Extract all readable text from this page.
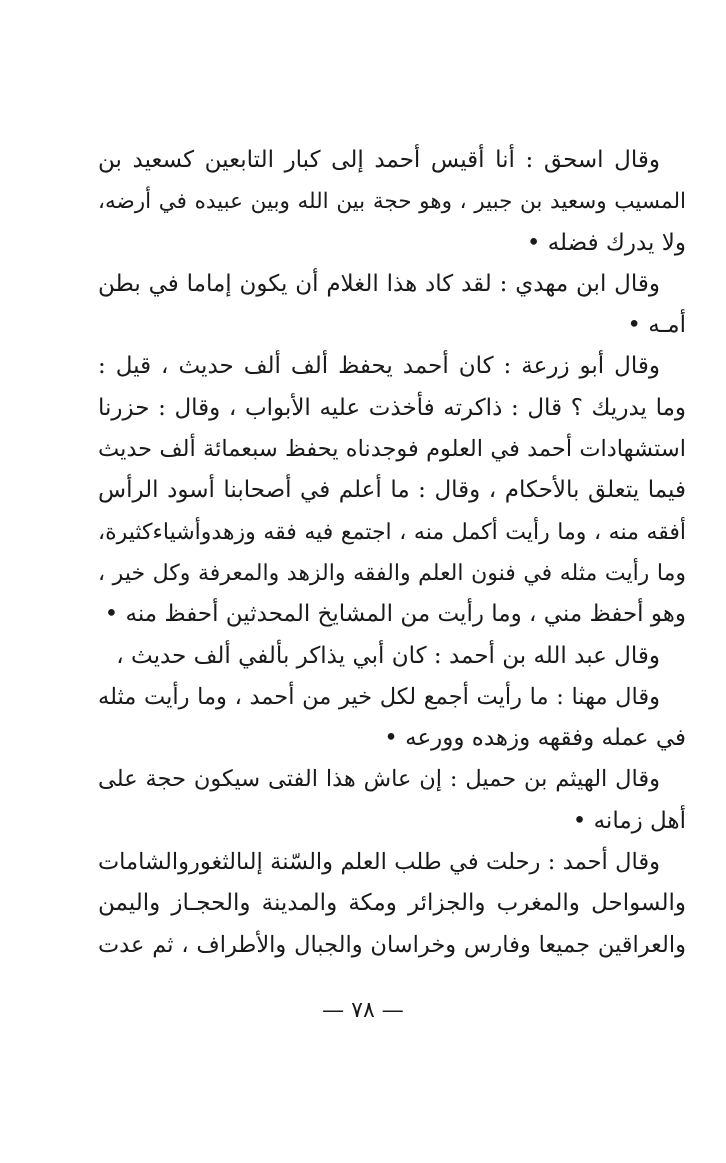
وقال اسحق : أنا أقيس أحمد إلى كبار التابعين كسعيد بن
المسيب وسعيد بن جبير ، وهو حجة بين الله وبين عبيده في أرضه،
ولا يدرك فضله •
وقال ابن مهدي : لقد كاد هذا الغلام أن يكون إماما في بطن
أمـه •
وقال أبو زرعة : كان أحمد يحفظ ألف ألف حديث ، قيل :
وما يدريك ؟ قال : ذاكرته فأخذت عليه الأبواب ، وقال : حزرنا
استشهادات أحمد في العلوم فوجدناه يحفظ سبعمائة ألف حديث
فيما يتعلق بالأحكام ، وقال : ما أعلم في أصحابنا أسود الرأس
أفقه منه ، وما رأيت أكمل منه ، اجتمع فيه فقه وزهدوأشياءكثيرة،
وما رأيت مثله في فنون العلم والفقه والزهد والمعرفة وكل خير ،
وهو أحفظ مني ، وما رأيت من المشايخ المحدثين أحفظ منه •
وقال عبد الله بن أحمد : كان أبي يذاكر بألفي ألف حديث ،
وقال مهنا : ما رأيت أجمع لكل خير من أحمد ، وما رأيت مثله
في عمله وفقهه وزهده وورعه •
وقال الهيثم بن حميل : إن عاش هذا الفتى سيكون حجة على
أهل زمانه •
وقال أحمد : رحلت في طلب العلم والسّنة إلىالثغوروالشامات
والسواحل والمغرب والجزائر ومكة والمدينة والحجـاز واليمن
والعراقين جميعا وفارس وخراسان والجبال والأطراف ، ثم عدت
— ٧٨ —
